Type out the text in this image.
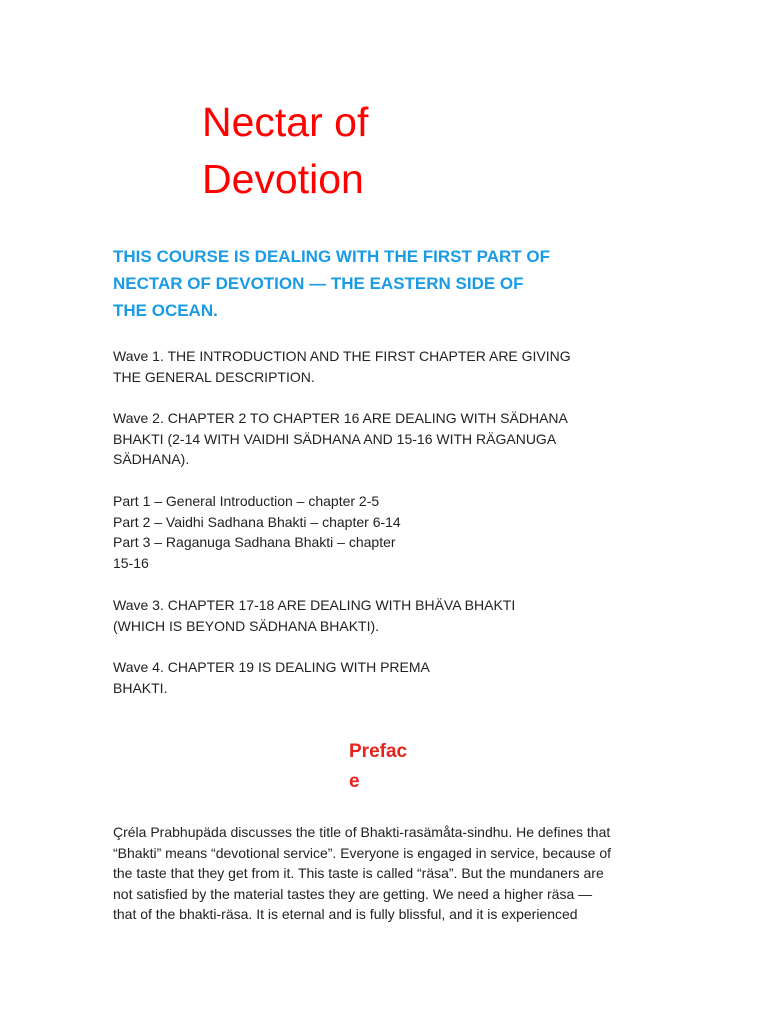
Nectar of
Devotion
THIS COURSE IS DEALING WITH THE FIRST PART OF
NECTAR OF DEVOTION — THE EASTERN SIDE OF
THE OCEAN.

Wave 1. THE INTRODUCTION AND THE FIRST CHAPTER ARE GIVING
THE GENERAL DESCRIPTION.

Wave 2. CHAPTER 2 TO CHAPTER 16 ARE DEALING WITH SÄDHANA
BHAKTI (2-14 WITH VAIDHI SÄDHANA AND 15-16 WITH RÄGANUGA
SÄDHANA).

Part 1 – General Introduction – chapter 2-5
Part 2 – Vaidhi Sadhana Bhakti – chapter 6-14
Part 3 – Raganuga Sadhana Bhakti – chapter
15-16

Wave 3. CHAPTER 17-18 ARE DEALING WITH BHÄVA BHAKTI
(WHICH IS BEYOND SÄDHANA BHAKTI).

Wave 4. CHAPTER 19 IS DEALING WITH PREMA
BHAKTI.

Prefac
e

Çréla Prabhupäda discusses the title of Bhakti-rasämåta-sindhu. He defines that
“Bhakti” means “devotional service”. Everyone is engaged in service, because of
the taste that they get from it. This taste is called “räsa”. But the mundaners are
not satisfied by the material tastes they are getting. We need a higher räsa —
that of the bhakti-räsa. It is eternal and is fully blissful, and it is experienced
